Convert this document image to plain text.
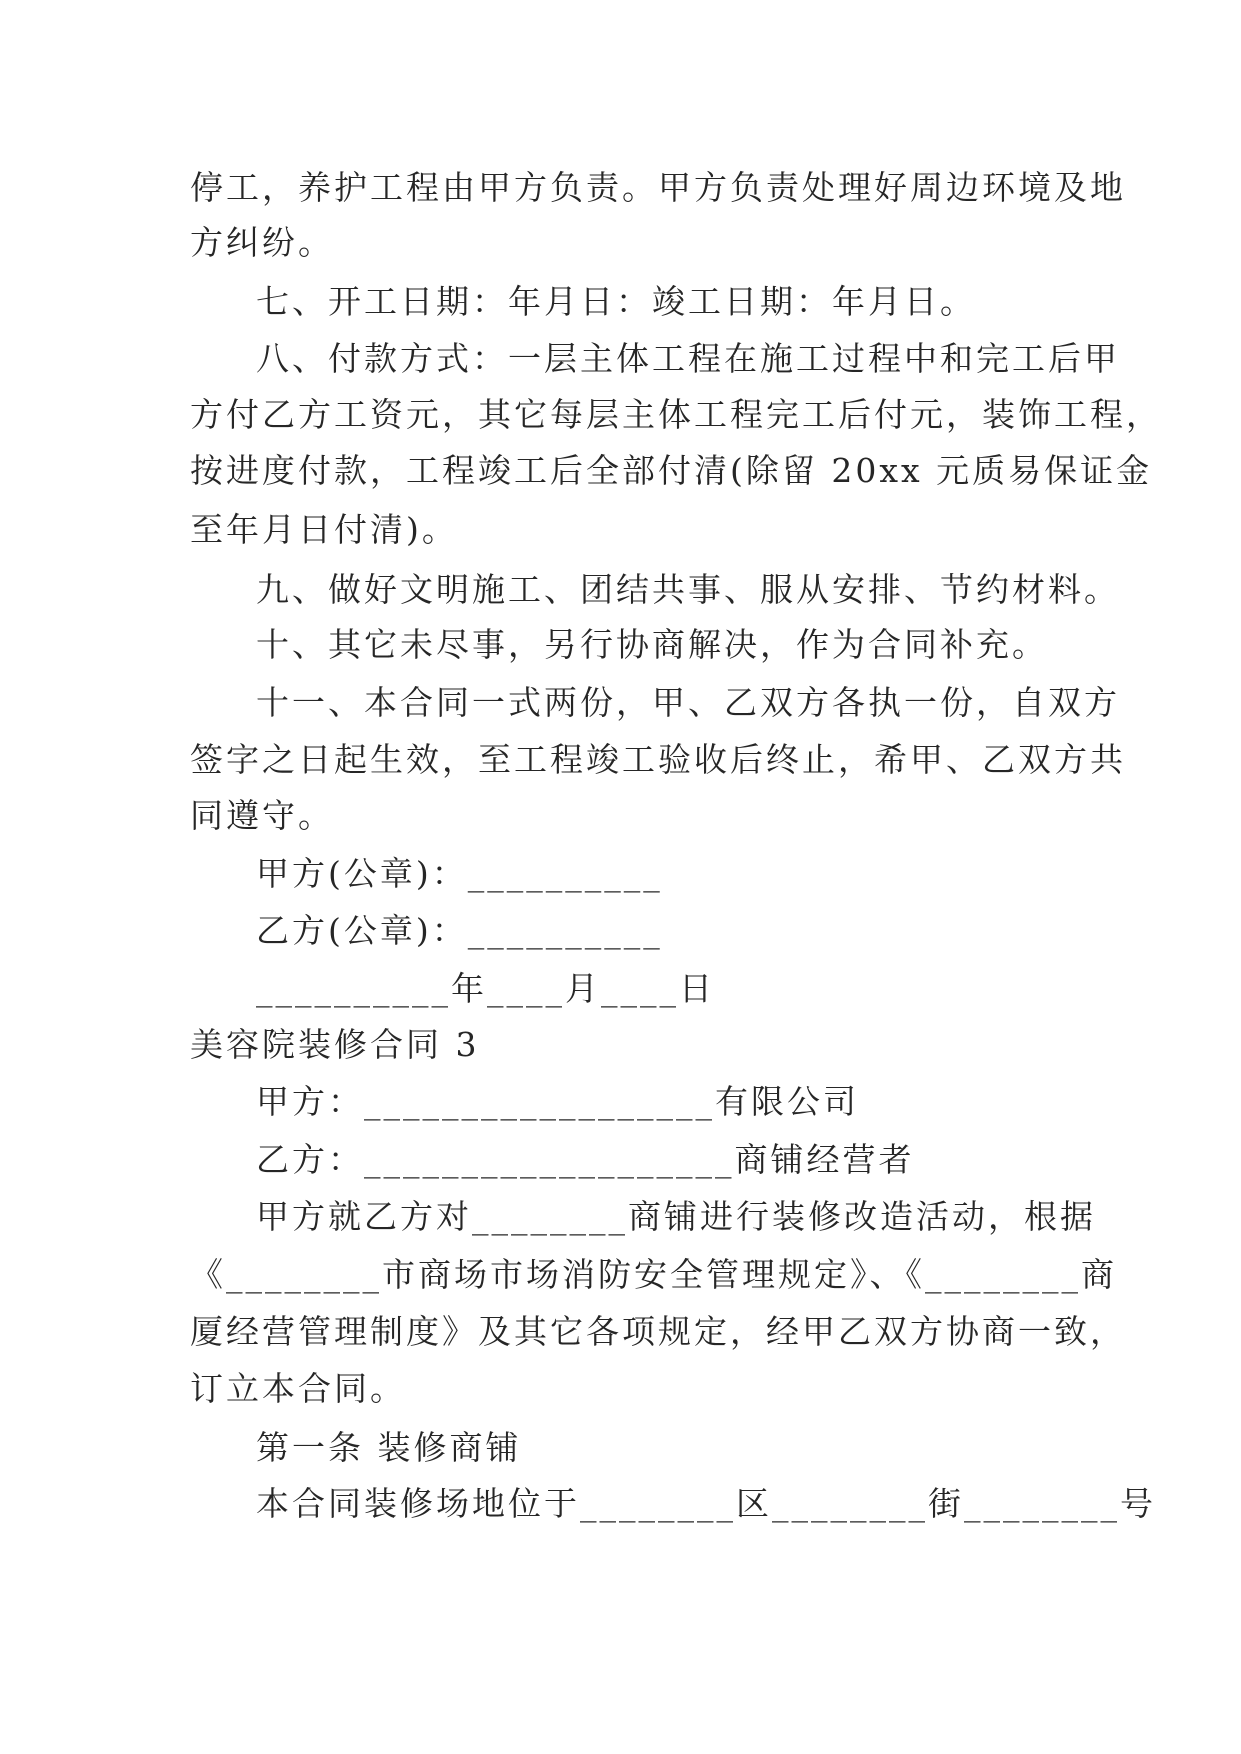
停工，养护工程由甲方负责。甲方负责处理好周边环境及地
方纠纷。
七、开工日期：年月日：竣工日期：年月日。
八、付款方式：一层主体工程在施工过程中和完工后甲
方付乙方工资元，其它每层主体工程完工后付元，装饰工程，
按进度付款，工程竣工后全部付清(除留 20xx 元质易保证金
至年月日付清)。
九、做好文明施工、团结共事、服从安排、节约材料。
十、其它未尽事，另行协商解决，作为合同补充。
十一、本合同一式两份，甲、乙双方各执一份，自双方
签字之日起生效，至工程竣工验收后终止，希甲、乙双方共
同遵守。
甲方(公章)：__________
乙方(公章)：__________
__________年____月____日
美容院装修合同 3
甲方：__________________有限公司
乙方：___________________商铺经营者
甲方就乙方对________商铺进行装修改造活动，根据
《________市商场市场消防安全管理规定》、《________商
厦经营管理制度》及其它各项规定，经甲乙双方协商一致，
订立本合同。
第一条 装修商铺
本合同装修场地位于________区________街________号
